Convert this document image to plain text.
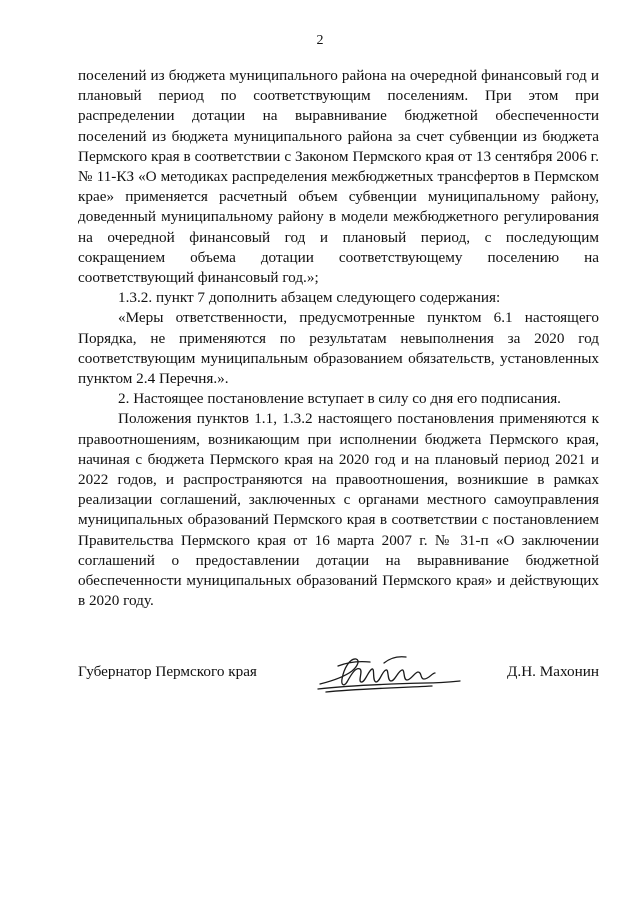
2

поселений из бюджета муниципального района на очередной финансовый год и плановый период по соответствующим поселениям. При этом при распределении дотации на выравнивание бюджетной обеспеченности поселений из бюджета муниципального района за счет субвенции из бюджета Пермского края в соответствии с Законом Пермского края от 13 сентября 2006 г. № 11-КЗ «О методиках распределения межбюджетных трансфертов в Пермском крае» применяется расчетный объем субвенции муниципальному району, доведенный муниципальному району в модели межбюджетного регулирования на очередной финансовый год и плановый период, с последующим сокращением объема дотации соответствующему поселению на соответствующий финансовый год.»;

1.3.2. пункт 7 дополнить абзацем следующего содержания:

«Меры ответственности, предусмотренные пунктом 6.1 настоящего Порядка, не применяются по результатам невыполнения за 2020 год соответствующим муниципальным образованием обязательств, установленных пунктом 2.4 Перечня.».

2. Настоящее постановление вступает в силу со дня его подписания.

Положения пунктов 1.1, 1.3.2 настоящего постановления применяются к правоотношениям, возникающим при исполнении бюджета Пермского края, начиная с бюджета Пермского края на 2020 год и на плановый период 2021 и 2022 годов, и распространяются на правоотношения, возникшие в рамках реализации соглашений, заключенных с органами местного самоуправления муниципальных образований Пермского края в соответствии с постановлением Правительства Пермского края от 16 марта 2007 г. № 31-п «О заключении соглашений о предоставлении дотации на выравнивание бюджетной обеспеченности муниципальных образований Пермского края» и действующих в 2020 году.

Губернатор Пермского края	Д.Н. Махонин
